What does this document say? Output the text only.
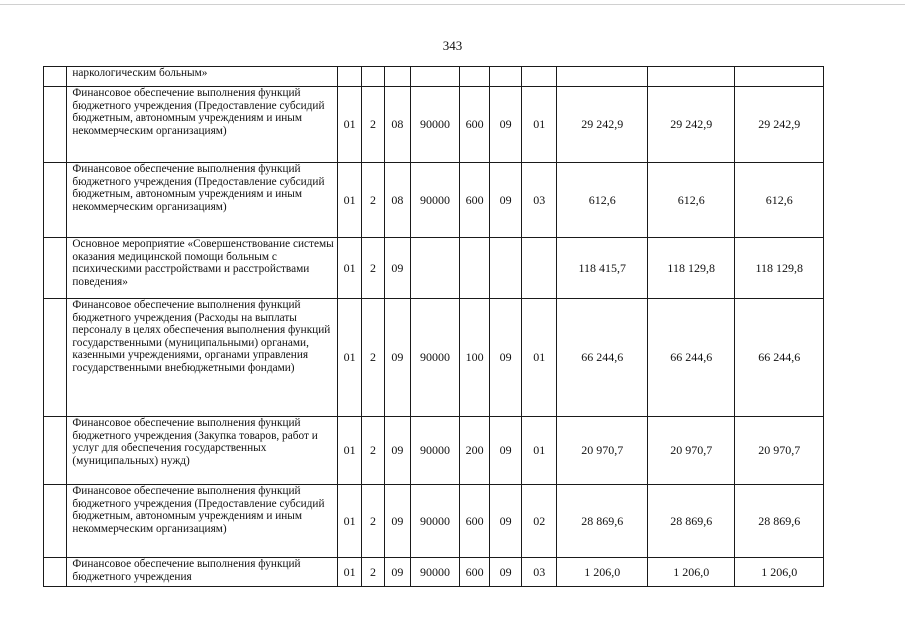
343
	наркологическим больным»										
	Финансовое обеспечение выполнения функций бюджетного учреждения (Предоставление субсидий бюджетным, автономным учреждениям и иным некоммерческим организациям)	01	2	08	90000	600	09	01	29 242,9	29 242,9	29 242,9
	Финансовое обеспечение выполнения функций бюджетного учреждения (Предоставление субсидий бюджетным, автономным учреждениям и иным некоммерческим организациям)	01	2	08	90000	600	09	03	612,6	612,6	612,6
	Основное мероприятие «Совершенствование системы оказания медицинской помощи больным с психическими расстройствами и расстройствами поведения»	01	2	09					118 415,7	118 129,8	118 129,8
	Финансовое обеспечение выполнения функций бюджетного учреждения (Расходы на выплаты персоналу в целях обеспечения выполнения функций государственными (муниципальными) органами, казенными учреждениями, органами управления государственными внебюджетными фондами)	01	2	09	90000	100	09	01	66 244,6	66 244,6	66 244,6
	Финансовое обеспечение выполнения функций бюджетного учреждения (Закупка товаров, работ и услуг для обеспечения государственных (муниципальных) нужд)	01	2	09	90000	200	09	01	20 970,7	20 970,7	20 970,7
	Финансовое обеспечение выполнения функций бюджетного учреждения (Предоставление субсидий бюджетным, автономным учреждениям и иным некоммерческим организациям)	01	2	09	90000	600	09	02	28 869,6	28 869,6	28 869,6
	Финансовое обеспечение выполнения функций бюджетного учреждения	01	2	09	90000	600	09	03	1 206,0	1 206,0	1 206,0
